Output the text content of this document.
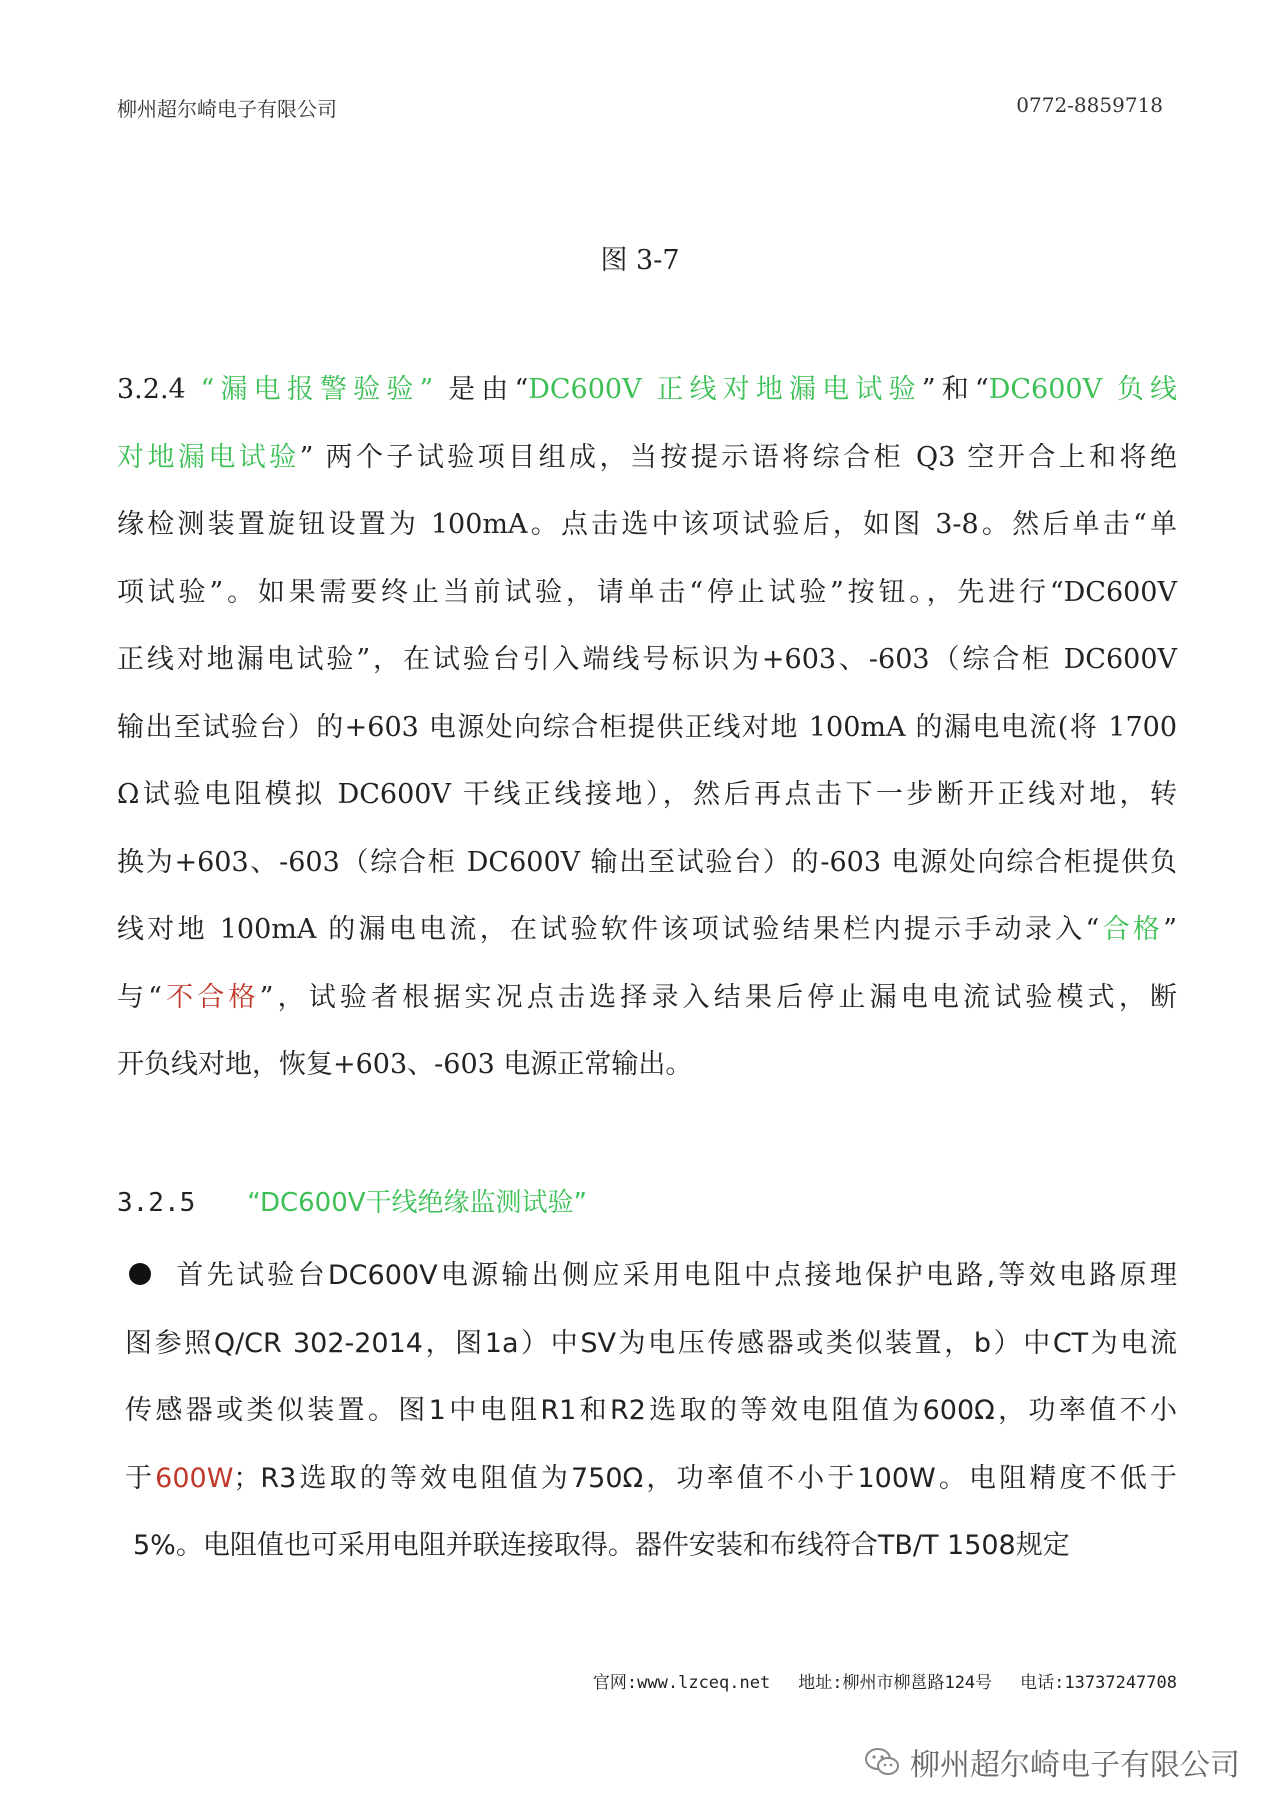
柳州超尔崎电子有限公司	0772-8859718
图 3-7
3.2.4 “漏电报警验验” 是由“DC600V 正线对地漏电试验”和“DC600V 负线
对地漏电试验” 两个子试验项目组成，当按提示语将综合柜 Q3 空开合上和将绝
缘检测装置旋钮设置为 100mA。点击选中该项试验后，如图 3-8。然后单击“单
项试验”。如果需要终止当前试验，请单击“停止试验”按钮。，先进行“DC600V
正线对地漏电试验”，在试验台引入端线号标识为+603、-603（综合柜 DC600V
输出至试验台）的+603 电源处向综合柜提供正线对地 100mA 的漏电电流(将 1700
Ω试验电阻模拟 DC600V 干线正线接地），然后再点击下一步断开正线对地，转
换为+603、-603（综合柜 DC600V 输出至试验台）的-603 电源处向综合柜提供负
线对地 100mA 的漏电电流，在试验软件该项试验结果栏内提示手动录入“合格”
与“不合格”，试验者根据实况点击选择录入结果后停止漏电电流试验模式，断
开负线对地，恢复+603、-603 电源正常输出。
3.2.5 “DC600V干线绝缘监测试验”
首先试验台DC600V电源输出侧应采用电阻中点接地保护电路,等效电路原理
图参照Q/CR 302-2014，图1a）中SV为电压传感器或类似装置，b）中CT为电流
传感器或类似装置。图1中电阻R1和R2选取的等效电阻值为600Ω，功率值不小
于600W；R3选取的等效电阻值为750Ω，功率值不小于100W。电阻精度不低于
5%。电阻值也可采用电阻并联连接取得。器件安装和布线符合TB/T 1508规定
官网:www.lzceq.net 地址:柳州市柳邕路124号 电话:13737247708
柳州超尔崎电子有限公司
